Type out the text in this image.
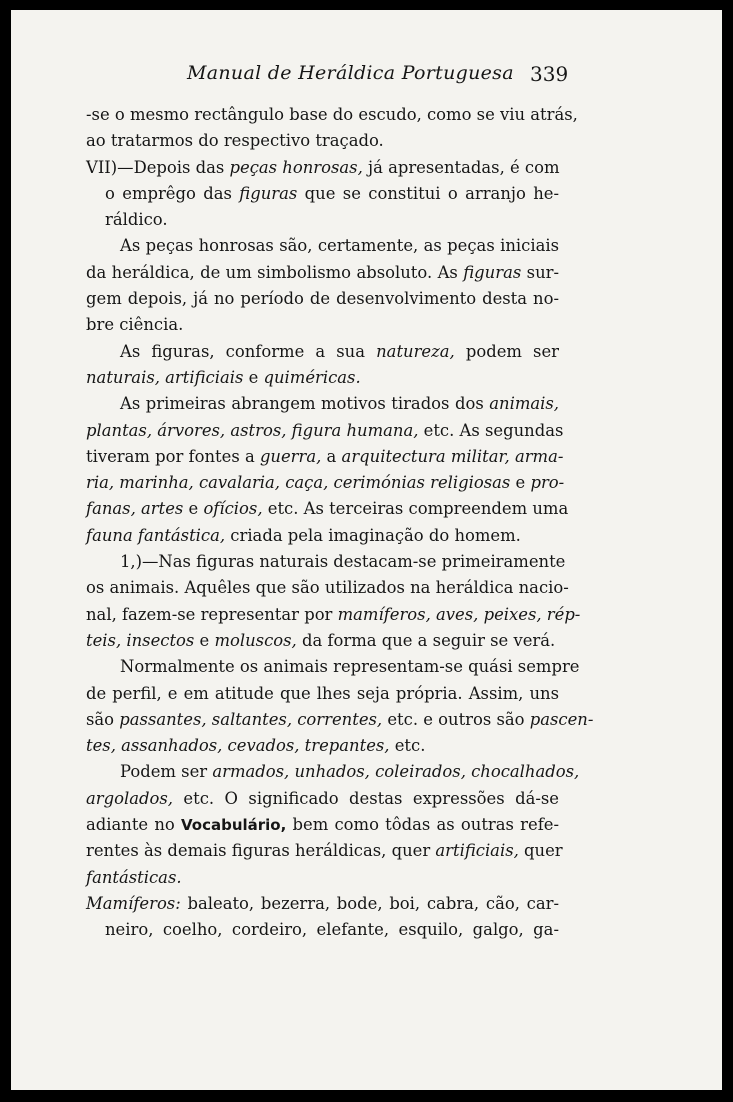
Manual de Heráldica Portuguesa 339
-se o mesmo rectângulo base do escudo, como se viu atrás,
ao tratarmos do respectivo traçado.
VII)—Depois das peças honrosas, já apresentadas, é com
o emprêgo das figuras que se constitui o arranjo he-
ráldico.
As peças honrosas são, certamente, as peças iniciais
da heráldica, de um simbolismo absoluto. As figuras sur-
gem depois, já no período de desenvolvimento desta no-
bre ciência.
As figuras, conforme a sua natureza, podem ser
naturais, artificiais e quiméricas.
As primeiras abrangem motivos tirados dos animais,
plantas, árvores, astros, figura humana, etc. As segundas
tiveram por fontes a guerra, a arquitectura militar, arma-
ria, marinha, cavalaria, caça, cerimónias religiosas e pro-
fanas, artes e ofícios, etc. As terceiras compreendem uma
fauna fantástica, criada pela imaginação do homem.
1,)—Nas figuras naturais destacam-se primeiramente
os animais. Aquêles que são utilizados na heráldica nacio-
nal, fazem-se representar por mamíferos, aves, peixes, rép-
teis, insectos e moluscos, da forma que a seguir se verá.
Normalmente os animais representam-se quási sempre
de perfil, e em atitude que lhes seja própria. Assim, uns
são passantes, saltantes, correntes, etc. e outros são pascen-
tes, assanhados, cevados, trepantes, etc.
Podem ser armados, unhados, coleirados, chocalhados,
argolados, etc. O significado destas expressões dá-se
adiante no Vocabulário, bem como tôdas as outras refe-
rentes às demais figuras heráldicas, quer artificiais, quer
fantásticas.
Mamíferos: baleato, bezerra, bode, boi, cabra, cão, car-
neiro, coelho, cordeiro, elefante, esquilo, galgo, ga-
